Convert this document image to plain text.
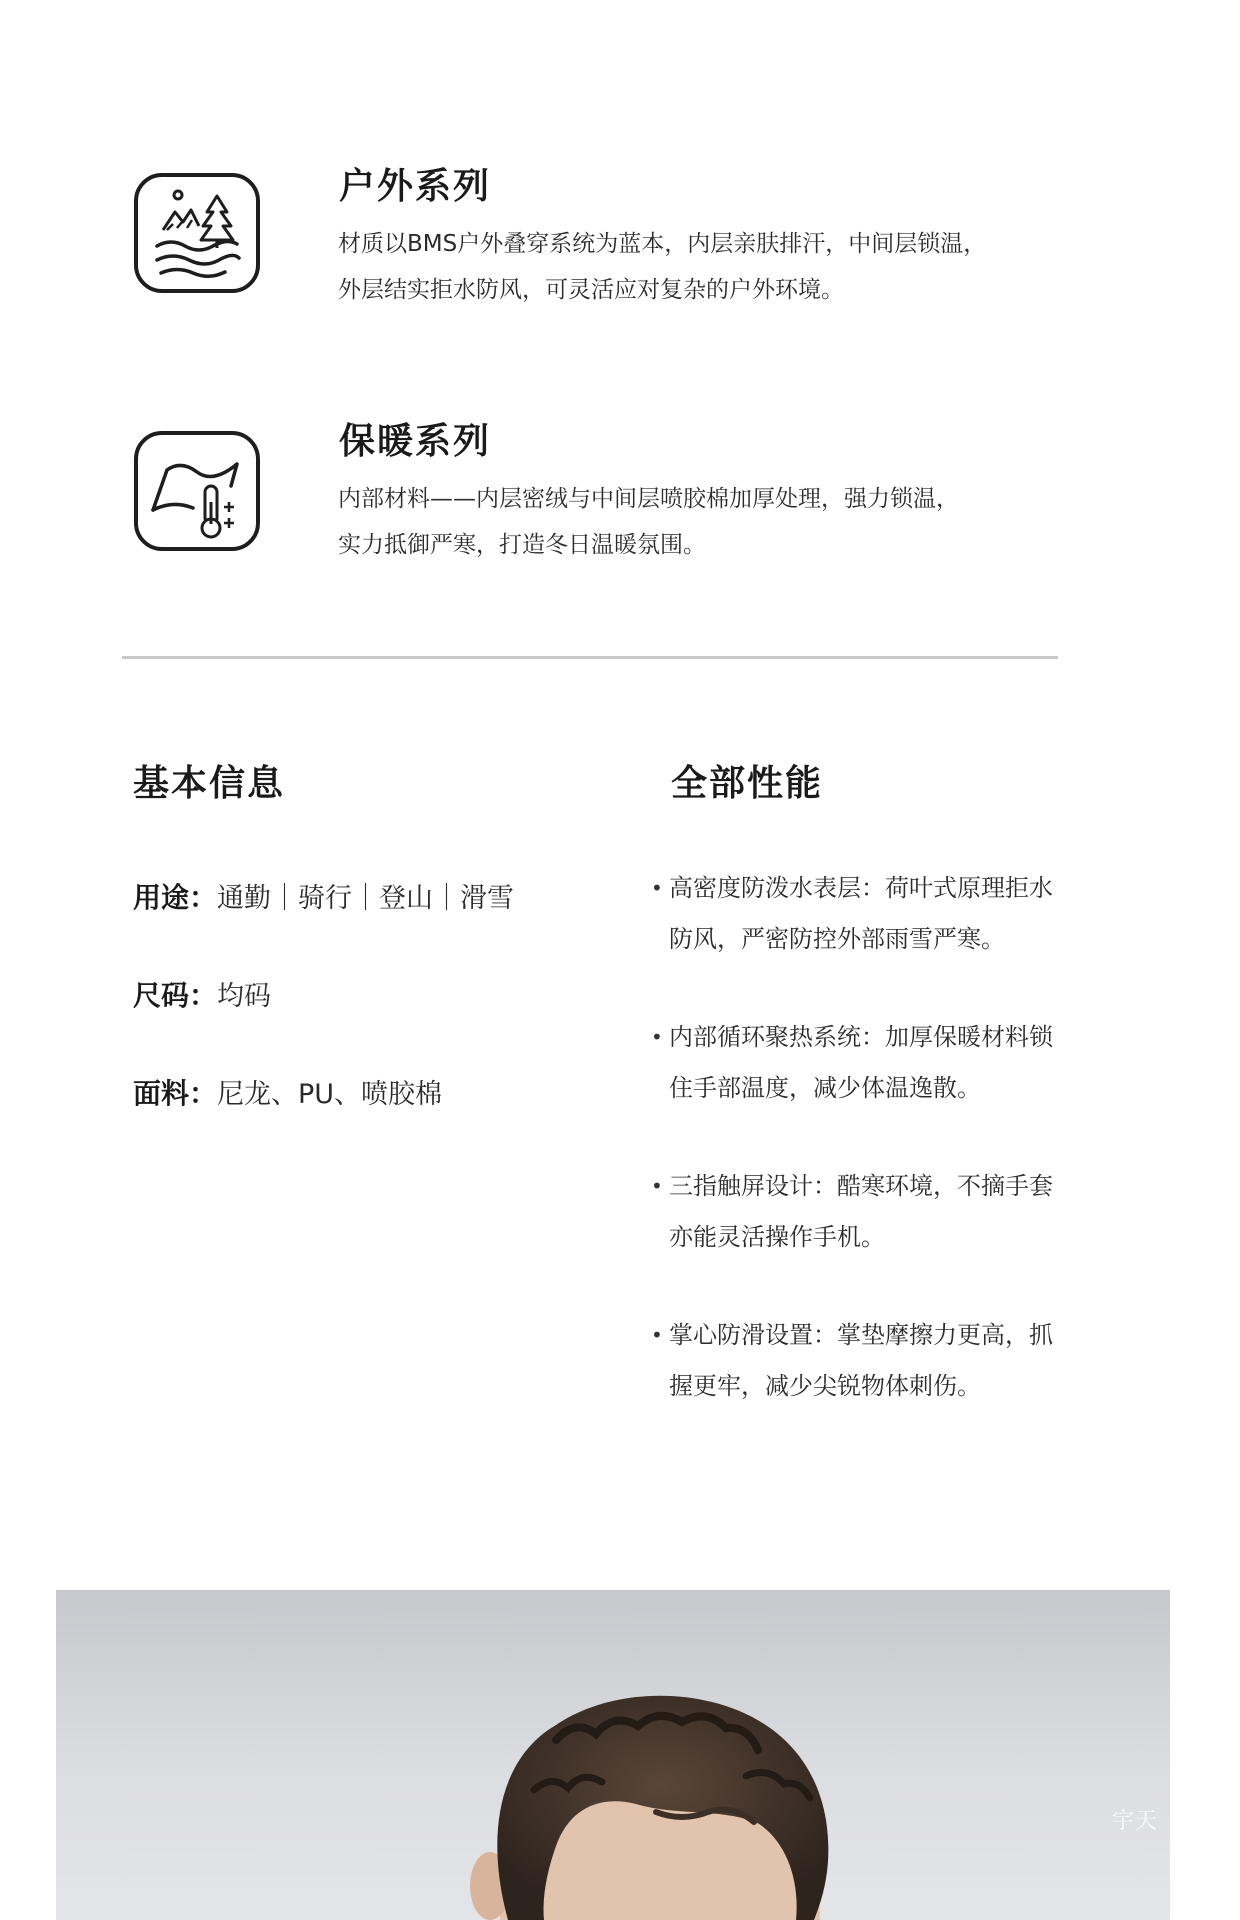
户外系列
材质以BMS户外叠穿系统为蓝本，内层亲肤排汗，中间层锁温，
外层结实拒水防风，可灵活应对复杂的户外环境。
保暖系列
内部材料——内层密绒与中间层喷胶棉加厚处理，强力锁温，
实力抵御严寒，打造冬日温暖氛围。
基本信息
用途：通勤｜骑行｜登山｜滑雪
尺码：均码
面料：尼龙、PU、喷胶棉
全部性能
• 高密度防泼水表层：荷叶式原理拒水
防风，严密防控外部雨雪严寒。
• 内部循环聚热系统：加厚保暖材料锁
住手部温度，减少体温逸散。
• 三指触屏设计：酷寒环境，不摘手套
亦能灵活操作手机。
• 掌心防滑设置：掌垫摩擦力更高，抓
握更牢，减少尖锐物体刺伤。
宇天
